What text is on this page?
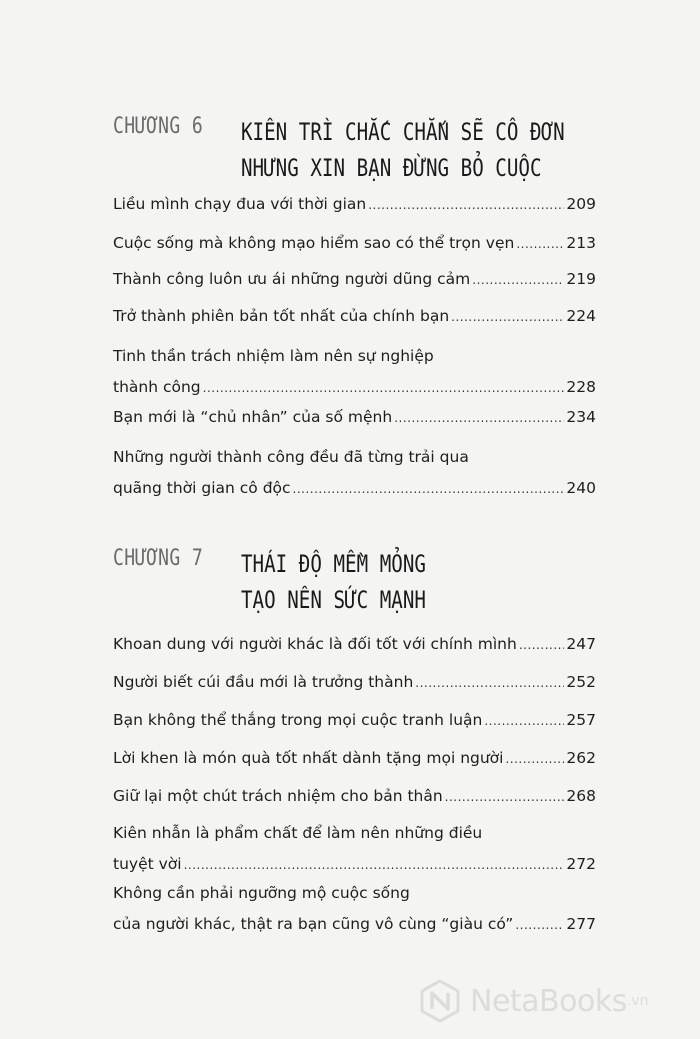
CHƯƠNG 6 KIÊN TRÌ CHẮC CHẮN SẼ CÔ ĐƠN
NHƯNG XIN BẠN ĐỪNG BỎ CUỘC
Liều mình chạy đua với thời gian .....	209
Cuộc sống mà không mạo hiểm sao có thể trọn vẹn .....	213
Thành công luôn ưu ái những người dũng cảm .....	219
Trở thành phiên bản tốt nhất của chính bạn .....	224
Tinh thần trách nhiệm làm nên sự nghiệp
thành công .....	228
Bạn mới là “chủ nhân” của số mệnh .....	234
Những người thành công đều đã từng trải qua
quãng thời gian cô độc .....	240
CHƯƠNG 7 THÁI ĐỘ MỀM MỎNG
TẠO NÊN SỨC MẠNH
Khoan dung với người khác là đối tốt với chính mình .....	247
Người biết cúi đầu mới là trưởng thành .....	252
Bạn không thể thắng trong mọi cuộc tranh luận .....	257
Lời khen là món quà tốt nhất dành tặng mọi người .....	262
Giữ lại một chút trách nhiệm cho bản thân .....	268
Kiên nhẫn là phẩm chất để làm nên những điều
tuyệt vời .....	272
Không cần phải ngưỡng mộ cuộc sống
của người khác, thật ra bạn cũng vô cùng “giàu có” .....	277
NetaBooks .vn
